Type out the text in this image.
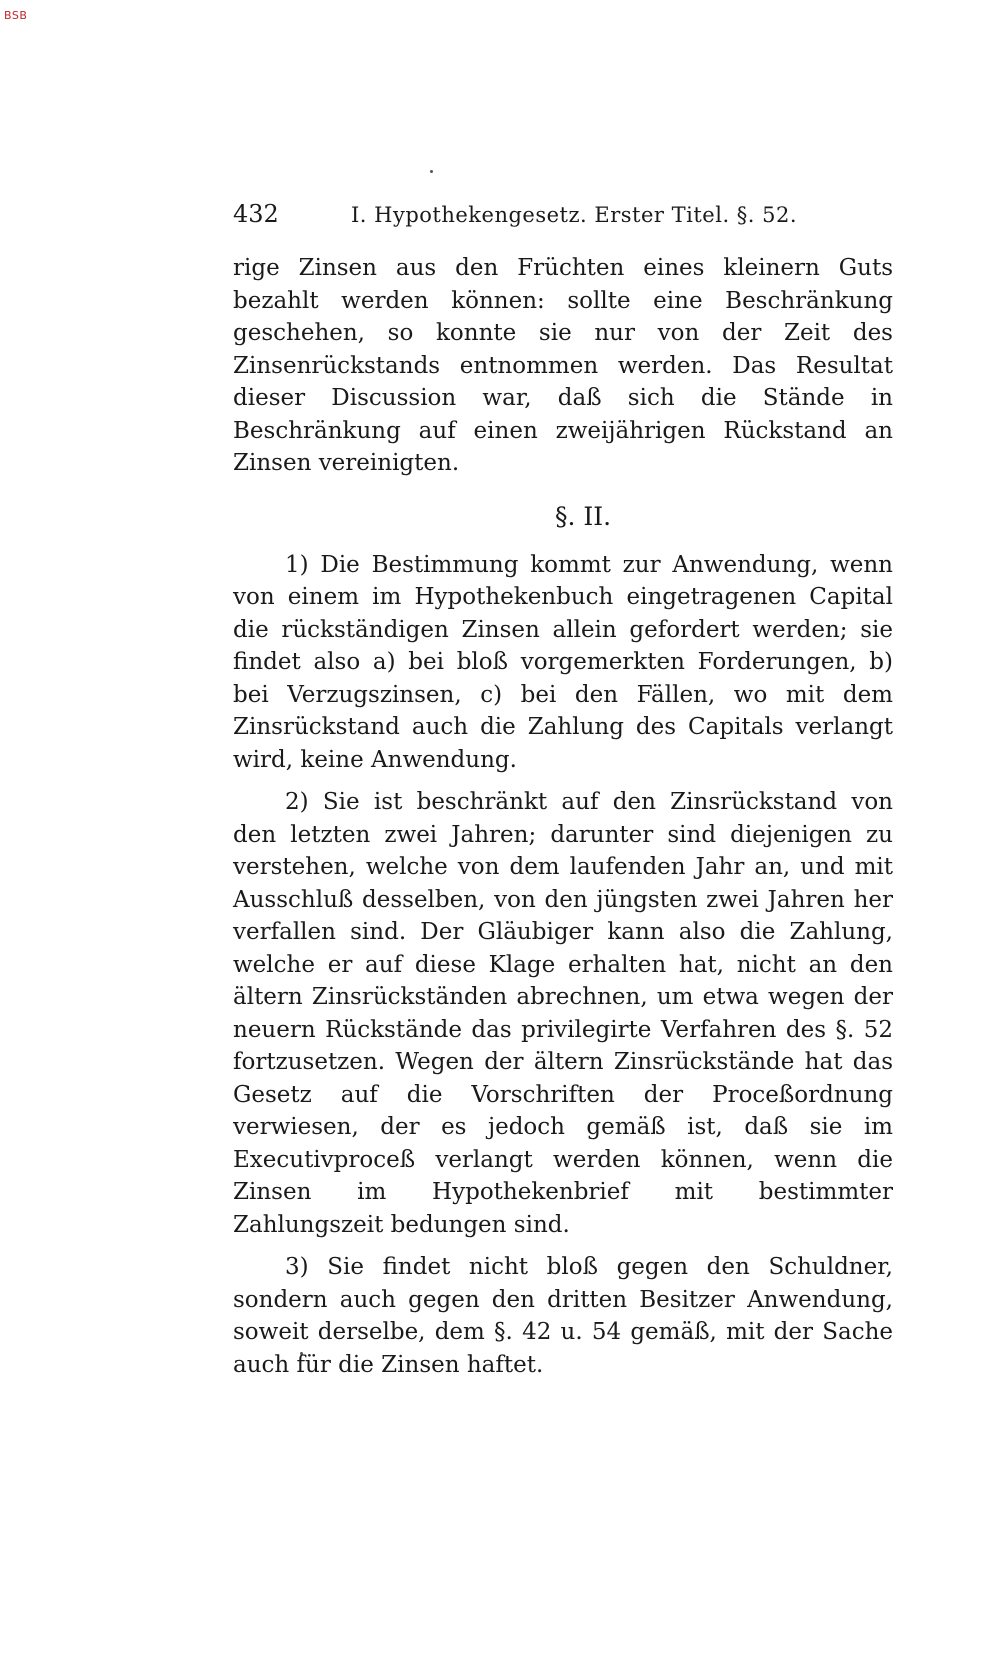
BSB
432	I. Hypothekengesetz. Erster Titel. §. 52.

rige Zinsen aus den Früchten eines kleinern Guts bezahlt werden können: sollte eine Beschränkung geschehen, so konnte sie nur von der Zeit des Zinsenrückstands entnommen werden. Das Resultat dieser Discussion war, daß sich die Stände in Beschränkung auf einen zweijährigen Rückstand an Zinsen vereinigten.

§. II.

1) Die Bestimmung kommt zur Anwendung, wenn von einem im Hypothekenbuch eingetragenen Capital die rückständigen Zinsen allein gefordert werden; sie findet also a) bei bloß vorgemerkten Forderungen, b) bei Verzugszinsen, c) bei den Fällen, wo mit dem Zinsrückstand auch die Zahlung des Capitals verlangt wird, keine Anwendung.

2) Sie ist beschränkt auf den Zinsrückstand von den letzten zwei Jahren; darunter sind diejenigen zu verstehen, welche von dem laufenden Jahr an, und mit Ausschluß desselben, von den jüngsten zwei Jahren her verfallen sind. Der Gläubiger kann also die Zahlung, welche er auf diese Klage erhalten hat, nicht an den ältern Zinsrückständen abrechnen, um etwa wegen der neuern Rückstände das privilegirte Verfahren des §. 52 fortzusetzen. Wegen der ältern Zinsrückstände hat das Gesetz auf die Vorschriften der Proceßordnung verwiesen, der es jedoch gemäß ist, daß sie im Executivproceß verlangt werden können, wenn die Zinsen im Hypothekenbrief mit bestimmter Zahlungszeit bedungen sind.

3) Sie findet nicht bloß gegen den Schuldner, sondern auch gegen den dritten Besitzer Anwendung, soweit derselbe, dem §. 42 u. 54 gemäß, mit der Sache auch für die Zinsen haftet.
